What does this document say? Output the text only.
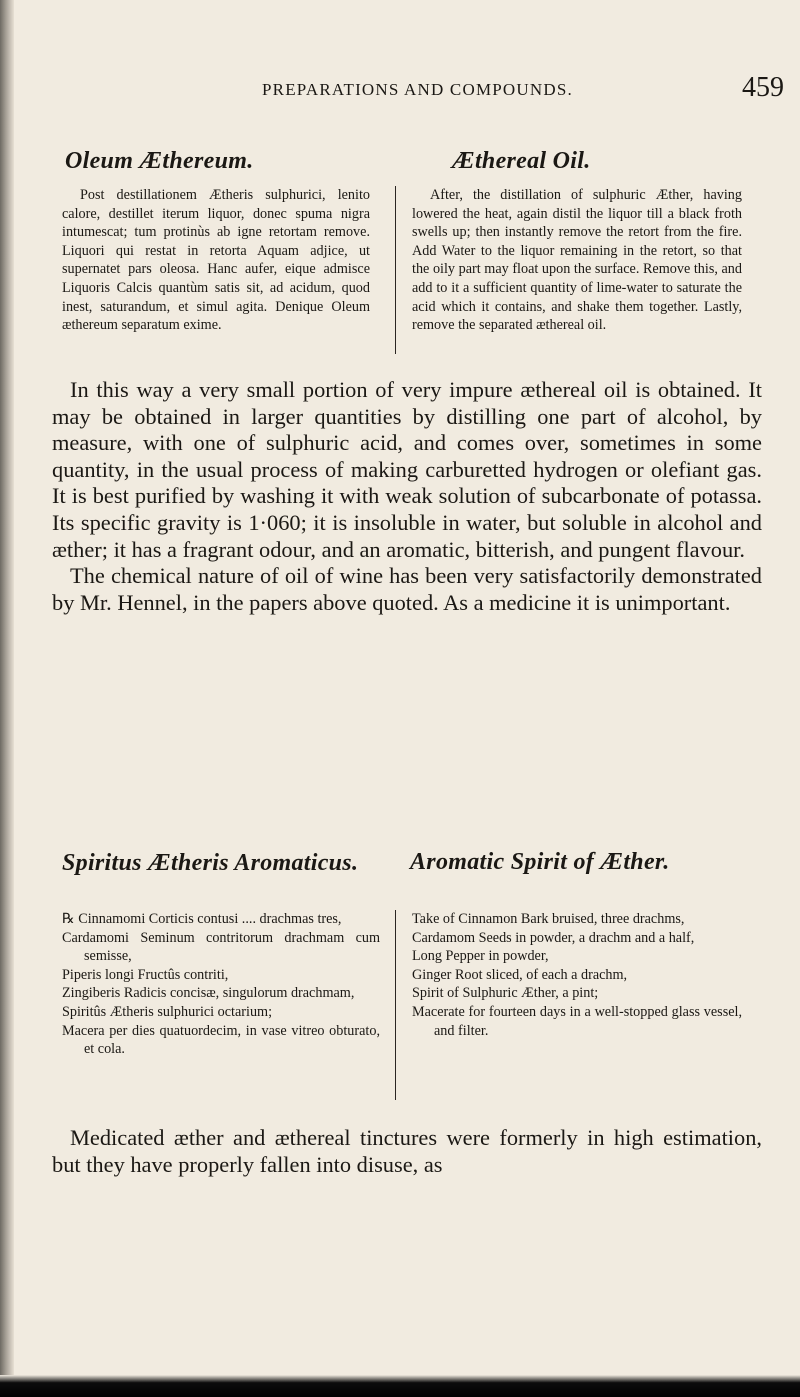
PREPARATIONS AND COMPOUNDS.	459
Oleum Æthereum.	Æthereal Oil.

Post destillationem Ætheris sulphurici, lenito calore, destillet iterum liquor, donec spuma nigra intumescat; tum protinùs ab igne retortam remove. Liquori qui restat in retorta Aquam adjice, ut supernatet pars oleosa. Hanc aufer, eique admisce Liquoris Calcis quantùm satis sit, ad acidum, quod inest, saturandum, et simul agita. Denique Oleum æthereum separatum exime.

After, the distillation of sulphuric Æther, having lowered the heat, again distil the liquor till a black froth swells up; then instantly remove the retort from the fire. Add Water to the liquor remaining in the retort, so that the oily part may float upon the surface. Remove this, and add to it a sufficient quantity of lime-water to saturate the acid which it contains, and shake them together. Lastly, remove the separated æthereal oil.

In this way a very small portion of very impure æthereal oil is obtained. It may be obtained in larger quantities by distilling one part of alcohol, by measure, with one of sulphuric acid, and comes over, sometimes in some quantity, in the usual process of making carburetted hydrogen or olefiant gas. It is best purified by washing it with weak solution of subcarbonate of potassa. Its specific gravity is 1·060; it is insoluble in water, but soluble in alcohol and æther; it has a fragrant odour, and an aromatic, bitterish, and pungent flavour.

The chemical nature of oil of wine has been very satisfactorily demonstrated by Mr. Hennel, in the papers above quoted. As a medicine it is unimportant.

Spiritus Ætheris Aromaticus. Aromatic Spirit of Æther.

℞ Cinnamomi Corticis contusi .... drachmas tres,

Cardamomi Seminum contritorum drachmam cum semisse,

Piperis longi Fructûs contriti,

Zingiberis Radicis concisæ, singulorum drachmam,

Spiritûs Ætheris sulphurici octarium;

Macera per dies quatuordecim, in vase vitreo obturato, et cola.

Take of Cinnamon Bark bruised, three drachms,

Cardamom Seeds in powder, a drachm and a half,

Long Pepper in powder,

Ginger Root sliced, of each a drachm,

Spirit of Sulphuric Æther, a pint;

Macerate for fourteen days in a well-stopped glass vessel, and filter.

Medicated æther and æthereal tinctures were formerly in high estimation, but they have properly fallen into disuse, as
